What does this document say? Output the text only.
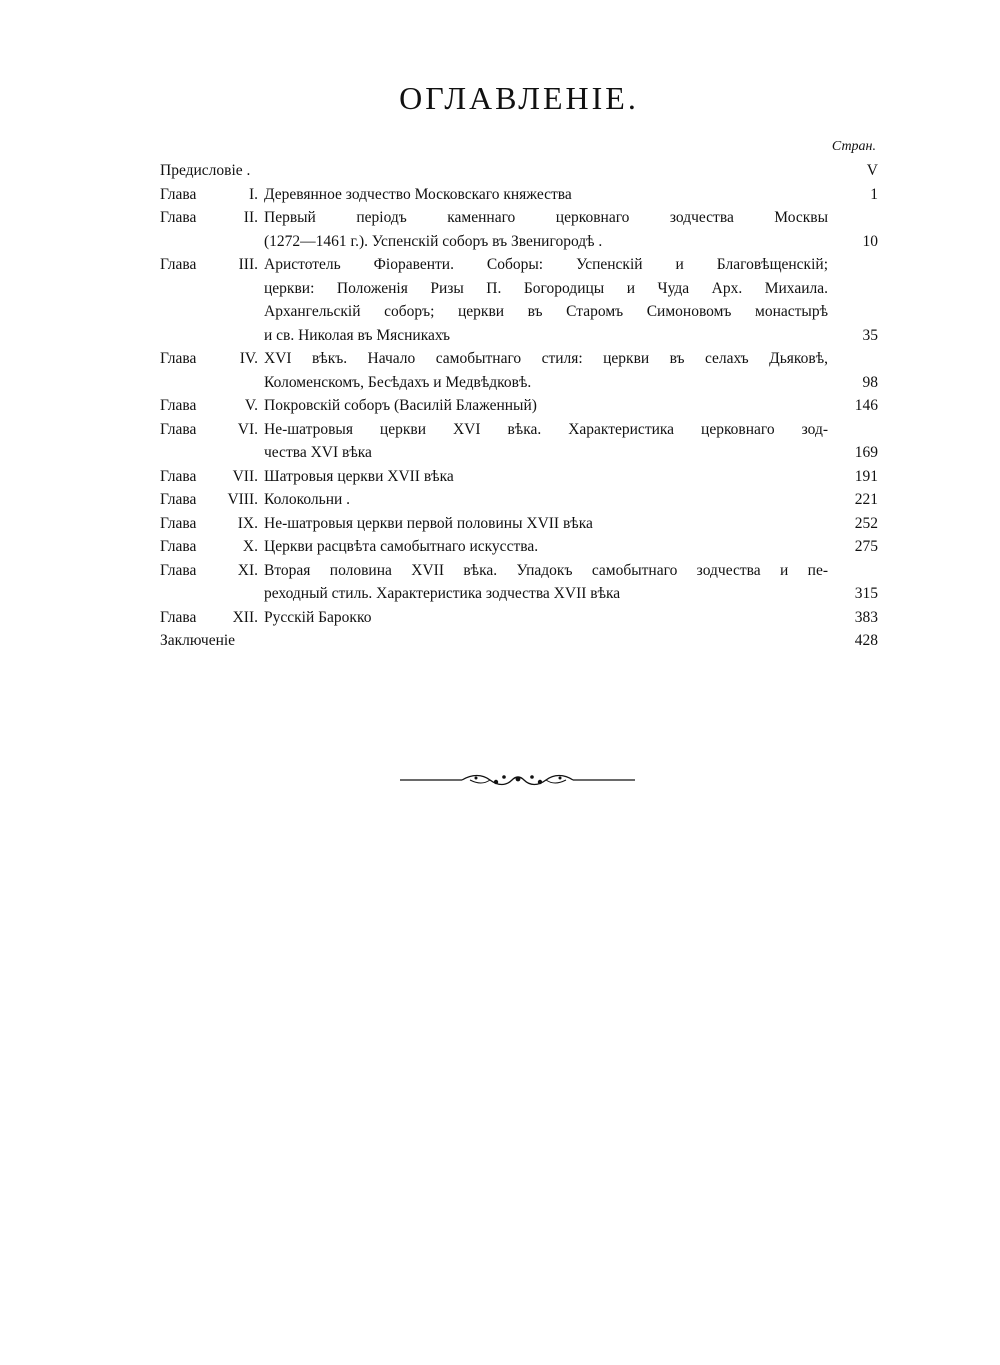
ОГЛАВЛЕНІЕ.
Стран.
Предисловіе .	V
Глава	I. Деревянное зодчество Московскаго княжества	1
Глава	II. Первый періодъ каменнаго церковнаго зодчества Москвы
(1272—1461 г.). Успенскій соборъ въ Звенигородѣ .	10
Глава	III. Аристотель Фіоравенти. Соборы: Успенскій и Благовѣщенскій;
церкви: Положенія Ризы П. Богородицы и Чуда Арх. Михаила.
Архангельскій соборъ; церкви въ Старомъ Симоновомъ монастырѣ
и св. Николая въ Мясникахъ	35
Глава	IV. XVI вѣкъ. Начало самобытнаго стиля: церкви въ селахъ Дьяковѣ,
Коломенскомъ, Бесѣдахъ и Медвѣдковѣ.	98
Глава	V. Покровскій соборъ (Василій Блаженный)	146
Глава	VI. Не-шатровыя церкви XVI вѣка. Характеристика церковнаго зод-
чества XVI вѣка	169
Глава	VII. Шатровыя церкви XVII вѣка	191
Глава	VIII. Колокольни .	221
Глава	IX. Не-шатровыя церкви первой половины XVII вѣка	252
Глава	X. Церкви расцвѣта самобытнаго искусства.	275
Глава	XI. Вторая половина XVII вѣка. Упадокъ самобытнаго зодчества и пе-
реходный стиль. Характеристика зодчества XVII вѣка	315
Глава	XII. Русскій Барокко	383
Заключеніе	428
